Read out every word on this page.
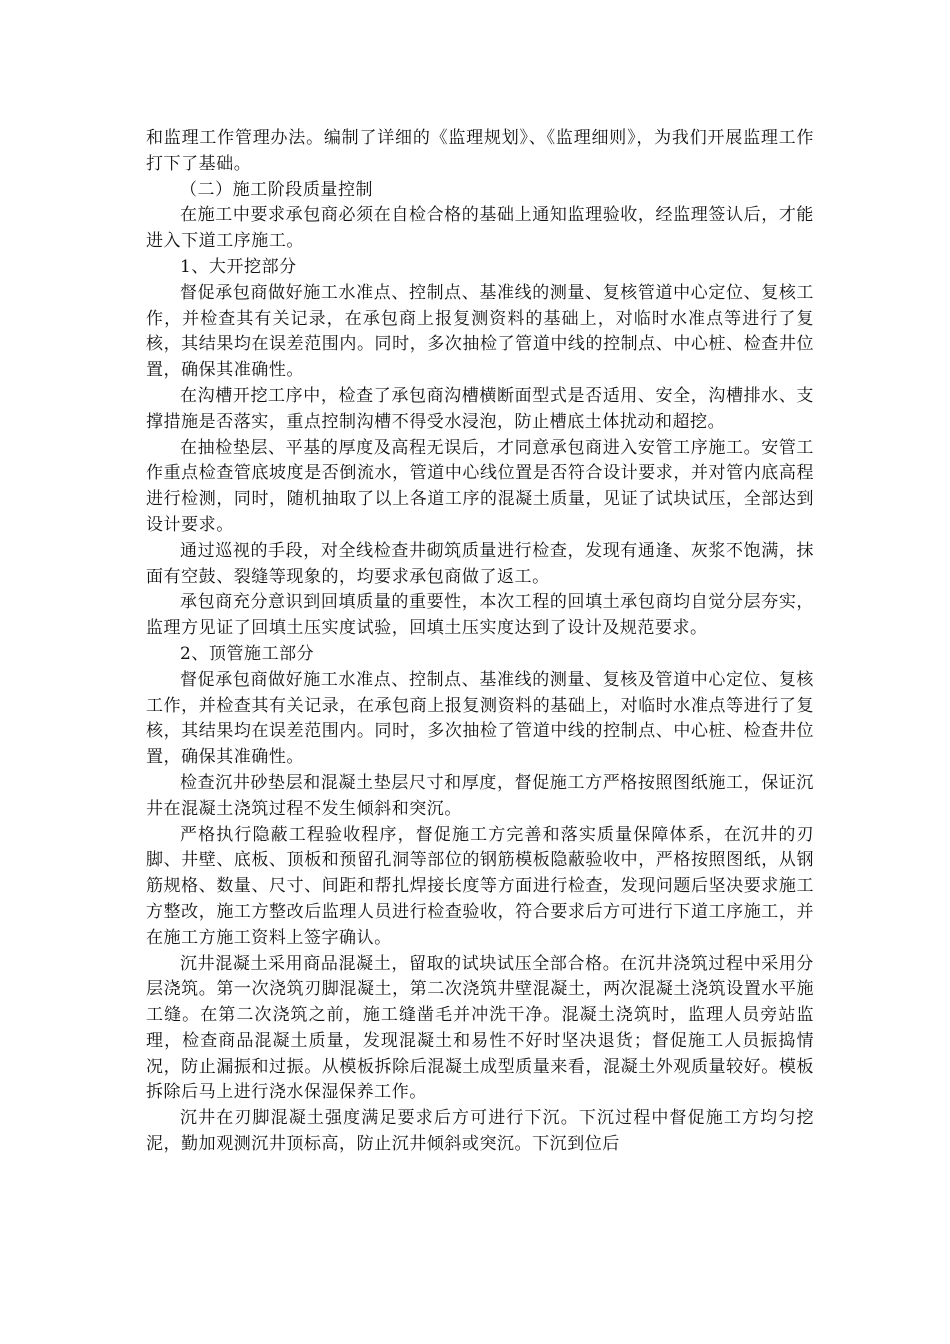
和监理工作管理办法。编制了详细的《监理规划》、《监理细则》，为我们开展监理工作打下了基础。

（二）施工阶段质量控制

在施工中要求承包商必须在自检合格的基础上通知监理验收，经监理签认后，才能进入下道工序施工。

1、大开挖部分

督促承包商做好施工水准点、控制点、基准线的测量、复核管道中心定位、复核工作，并检查其有关记录，在承包商上报复测资料的基础上，对临时水准点等进行了复核，其结果均在误差范围内。同时，多次抽检了管道中线的控制点、中心桩、检查井位置，确保其准确性。

在沟槽开挖工序中，检查了承包商沟槽横断面型式是否适用、安全，沟槽排水、支撑措施是否落实，重点控制沟槽不得受水浸泡，防止槽底土体扰动和超挖。

在抽检垫层、平基的厚度及高程无误后，才同意承包商进入安管工序施工。安管工作重点检查管底坡度是否倒流水，管道中心线位置是否符合设计要求，并对管内底高程进行检测，同时，随机抽取了以上各道工序的混凝土质量，见证了试块试压，全部达到设计要求。

通过巡视的手段，对全线检查井砌筑质量进行检查，发现有通逢、灰浆不饱满，抹面有空鼓、裂缝等现象的，均要求承包商做了返工。

承包商充分意识到回填质量的重要性，本次工程的回填土承包商均自觉分层夯实，监理方见证了回填土压实度试验，回填土压实度达到了设计及规范要求。

2、顶管施工部分

督促承包商做好施工水准点、控制点、基准线的测量、复核及管道中心定位、复核工作，并检查其有关记录，在承包商上报复测资料的基础上，对临时水准点等进行了复核，其结果均在误差范围内。同时，多次抽检了管道中线的控制点、中心桩、检查井位置，确保其准确性。

检查沉井砂垫层和混凝土垫层尺寸和厚度，督促施工方严格按照图纸施工，保证沉井在混凝土浇筑过程不发生倾斜和突沉。

严格执行隐蔽工程验收程序，督促施工方完善和落实质量保障体系，在沉井的刃脚、井壁、底板、顶板和预留孔洞等部位的钢筋模板隐蔽验收中，严格按照图纸，从钢筋规格、数量、尺寸、间距和帮扎焊接长度等方面进行检查，发现问题后坚决要求施工方整改，施工方整改后监理人员进行检查验收，符合要求后方可进行下道工序施工，并在施工方施工资料上签字确认。

沉井混凝土采用商品混凝土，留取的试块试压全部合格。在沉井浇筑过程中采用分层浇筑。第一次浇筑刃脚混凝土，第二次浇筑井壁混凝土，两次混凝土浇筑设置水平施工缝。在第二次浇筑之前，施工缝凿毛并冲洗干净。混凝土浇筑时，监理人员旁站监理，检查商品混凝土质量，发现混凝土和易性不好时坚决退货；督促施工人员振捣情况，防止漏振和过振。从模板拆除后混凝土成型质量来看，混凝土外观质量较好。模板拆除后马上进行浇水保湿保养工作。

沉井在刃脚混凝土强度满足要求后方可进行下沉。下沉过程中督促施工方均匀挖泥，勤加观测沉井顶标高，防止沉井倾斜或突沉。下沉到位后
